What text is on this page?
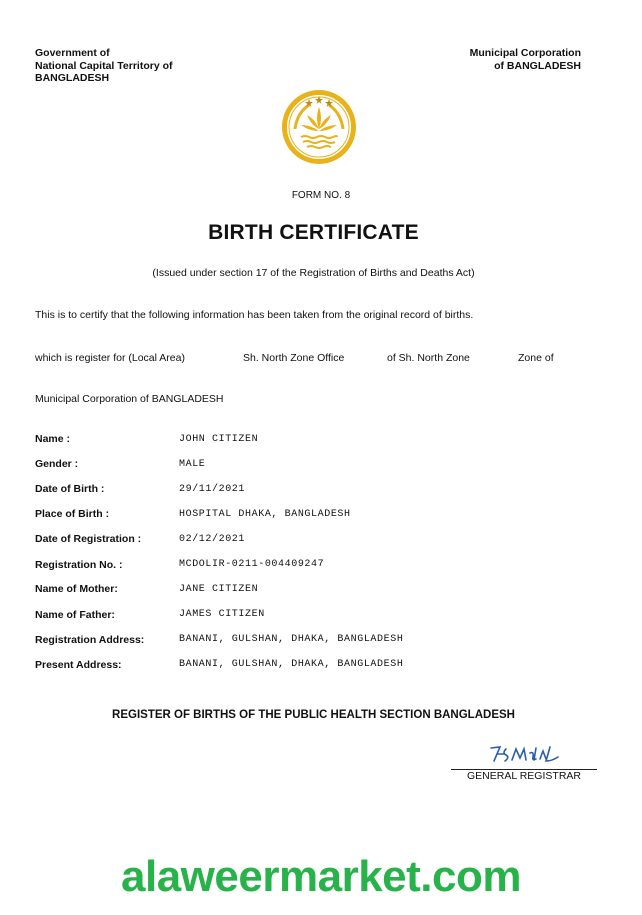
Government of
National Capital Territory of
BANGLADESH
Municipal Corporation
of BANGLADESH
FORM NO. 8
BIRTH CERTIFICATE
(Issued under section 17 of the Registration of Births and Deaths Act)
This is to certify that the following information has been taken from the original record of births.
which is register for (Local Area)	Sh. North Zone Office	of Sh. North Zone	Zone of
Municipal Corporation of BANGLADESH
Name :	JOHN CITIZEN
Gender :	MALE
Date of Birth :	29/11/2021
Place of Birth :	HOSPITAL DHAKA, BANGLADESH
Date of Registration :	02/12/2021
Registration No. :	MCDOLIR-0211-004409247
Name of Mother:	JANE CITIZEN
Name of Father:	JAMES CITIZEN
Registration Address:	BANANI, GULSHAN, DHAKA, BANGLADESH
Present Address:	BANANI, GULSHAN, DHAKA, BANGLADESH
REGISTER OF BIRTHS OF THE PUBLIC HEALTH SECTION BANGLADESH
GENERAL REGISTRAR
alaweermarket.com
